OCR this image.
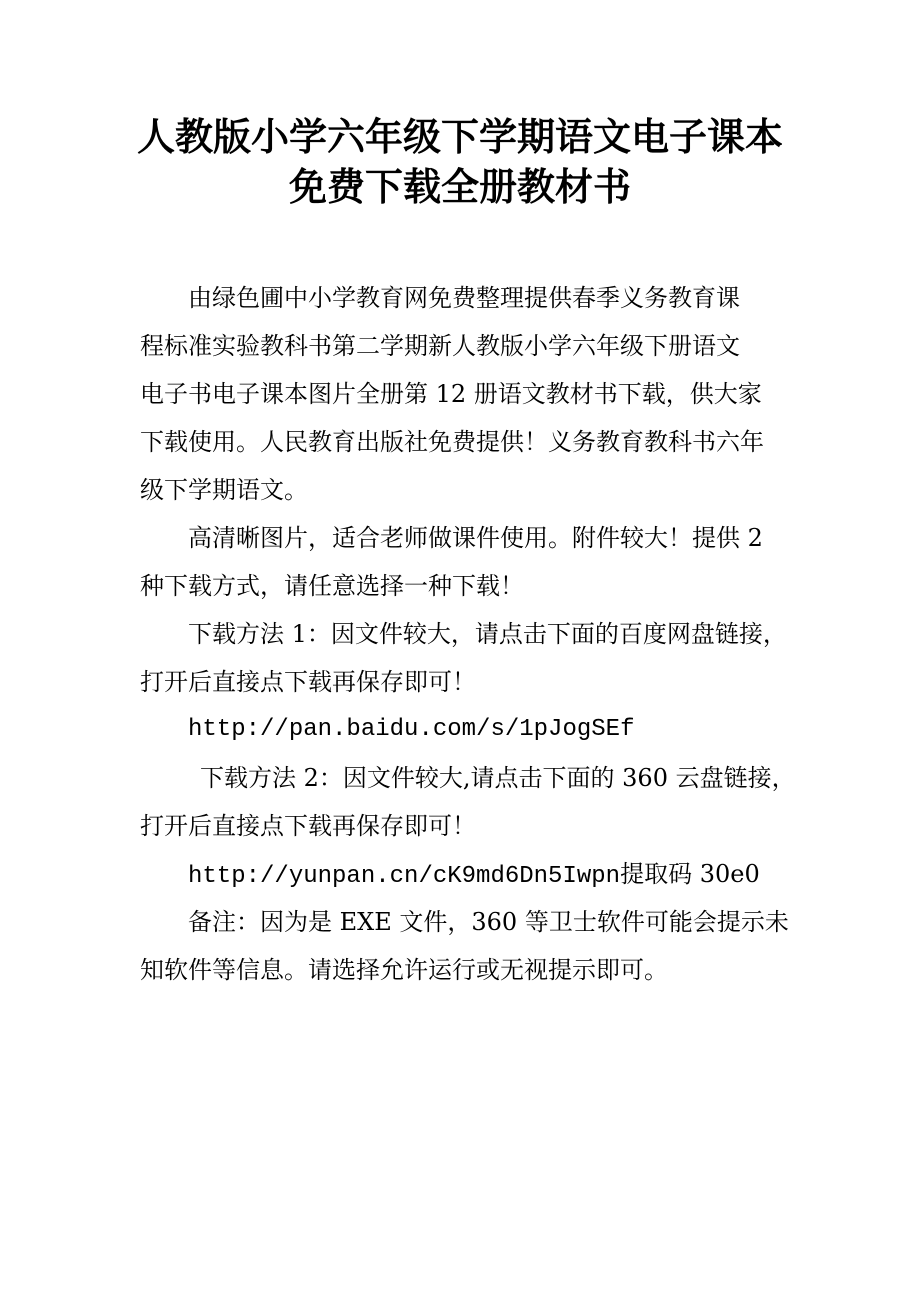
人教版小学六年级下学期语文电子课本
免费下载全册教材书
由绿色圃中小学教育网免费整理提供春季义务教育课
程标准实验教科书第二学期新人教版小学六年级下册语文
电子书电子课本图片全册第 12 册语文教材书下载，供大家
下载使用。人民教育出版社免费提供！义务教育教科书六年
级下学期语文。
高清晰图片，适合老师做课件使用。附件较大！提供 2
种下载方式，请任意选择一种下载！
下载方法 1：因文件较大，请点击下面的百度网盘链接，
打开后直接点下载再保存即可！
http://pan.baidu.com/s/1pJogSEf
下载方法 2：因文件较大,请点击下面的 360 云盘链接，
打开后直接点下载再保存即可！
http://yunpan.cn/cK9md6Dn5Iwpn提取码 30e0
备注：因为是 EXE 文件，360 等卫士软件可能会提示未
知软件等信息。请选择允许运行或无视提示即可。
